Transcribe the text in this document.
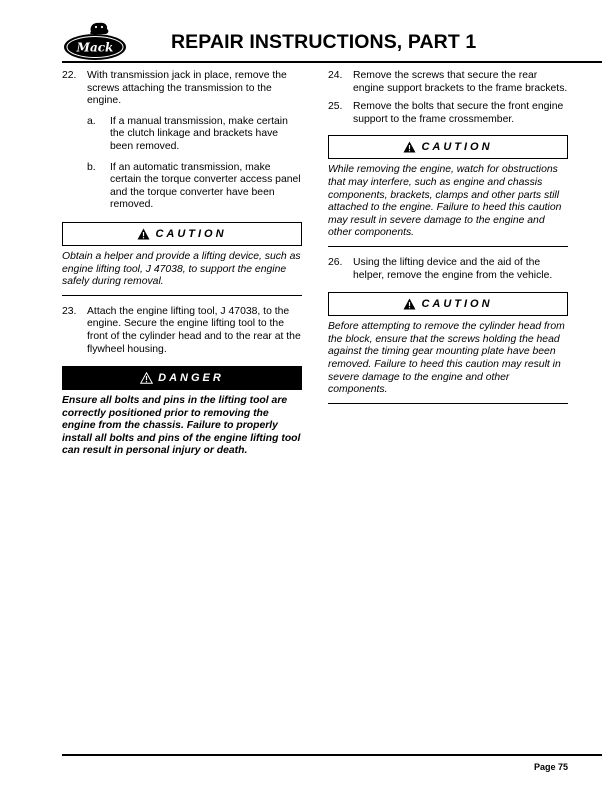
Mack	REPAIR INSTRUCTIONS, PART 1
22. With transmission jack in place, remove the screws attaching the transmission to the engine.
a. If a manual transmission, make certain the clutch linkage and brackets have been removed.
b. If an automatic transmission, make certain the torque converter access panel and the torque converter have been removed.
CAUTION
Obtain a helper and provide a lifting device, such as engine lifting tool, J 47038, to support the engine safely during removal.
23. Attach the engine lifting tool, J 47038, to the engine. Secure the engine lifting tool to the front of the cylinder head and to the rear at the flywheel housing.
DANGER
Ensure all bolts and pins in the lifting tool are correctly positioned prior to removing the engine from the chassis. Failure to properly install all bolts and pins of the engine lifting tool can result in personal injury or death.
24. Remove the screws that secure the rear engine support brackets to the frame brackets.
25. Remove the bolts that secure the front engine support to the frame crossmember.
CAUTION
While removing the engine, watch for obstructions that may interfere, such as engine and chassis components, brackets, clamps and other parts still attached to the engine. Failure to heed this caution may result in severe damage to the engine and other components.
26. Using the lifting device and the aid of the helper, remove the engine from the vehicle.
CAUTION
Before attempting to remove the cylinder head from the block, ensure that the screws holding the head against the timing gear mounting plate have been removed. Failure to heed this caution may result in severe damage to the engine and other components.
Page 75
